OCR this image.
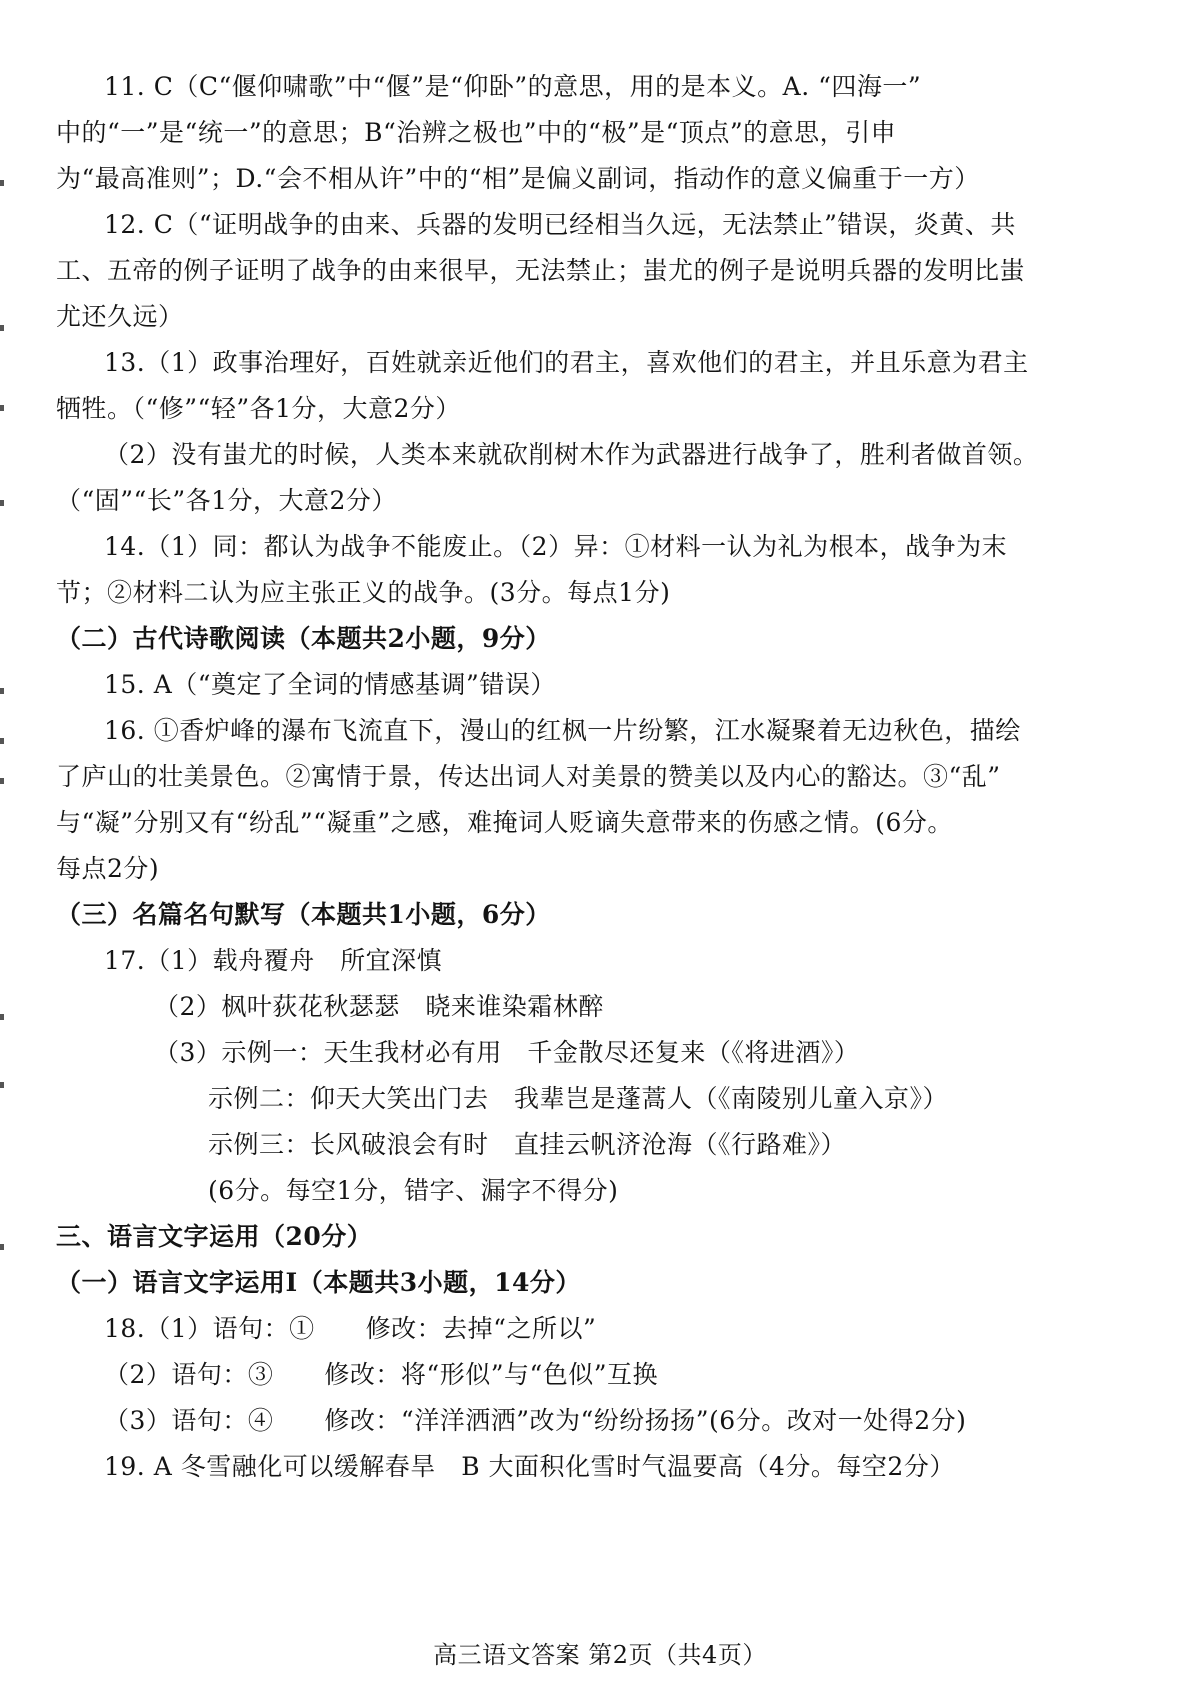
11. C（C“偃仰啸歌”中“偃”是“仰卧”的意思，用的是本义。A. “四海一”
中的“一”是“统一”的意思；B“治辨之极也”中的“极”是“顶点”的意思，引申
为“最高准则”；D.“会不相从许”中的“相”是偏义副词，指动作的意义偏重于一方）
12. C（“证明战争的由来、兵器的发明已经相当久远，无法禁止”错误，炎黄、共
工、五帝的例子证明了战争的由来很早，无法禁止；蚩尤的例子是说明兵器的发明比蚩
尤还久远）
13.（1）政事治理好，百姓就亲近他们的君主，喜欢他们的君主，并且乐意为君主
牺牲。（“修”“轻”各1分，大意2分）
（2）没有蚩尤的时候，人类本来就砍削树木作为武器进行战争了，胜利者做首领。
（“固”“长”各1分，大意2分）
14.（1）同：都认为战争不能废止。（2）异：①材料一认为礼为根本，战争为末
节；②材料二认为应主张正义的战争。(3分。每点1分)
（二）古代诗歌阅读（本题共2小题，9分）
15. A（“奠定了全词的情感基调”错误）
16. ①香炉峰的瀑布飞流直下，漫山的红枫一片纷繁，江水凝聚着无边秋色，描绘
了庐山的壮美景色。②寓情于景，传达出词人对美景的赞美以及内心的豁达。③“乱”
与“凝”分别又有“纷乱”“凝重”之感，难掩词人贬谪失意带来的伤感之情。(6分。
每点2分)
（三）名篇名句默写（本题共1小题，6分）
17.（1）载舟覆舟　所宜深慎
（2）枫叶荻花秋瑟瑟　晓来谁染霜林醉
（3）示例一：天生我材必有用　千金散尽还复来（《将进酒》）
示例二：仰天大笑出门去　我辈岂是蓬蒿人（《南陵别儿童入京》）
示例三：长风破浪会有时　直挂云帆济沧海（《行路难》）
(6分。每空1分，错字、漏字不得分)
三、语言文字运用（20分）
（一）语言文字运用Ⅰ（本题共3小题，14分）
18.（1）语句：①　　修改：去掉“之所以”
（2）语句：③　　修改：将“形似”与“色似”互换
（3）语句：④　　修改：“洋洋洒洒”改为“纷纷扬扬”(6分。改对一处得2分)
19. A 冬雪融化可以缓解春旱　B 大面积化雪时气温要高（4分。每空2分）
高三语文答案 第2页（共4页）
